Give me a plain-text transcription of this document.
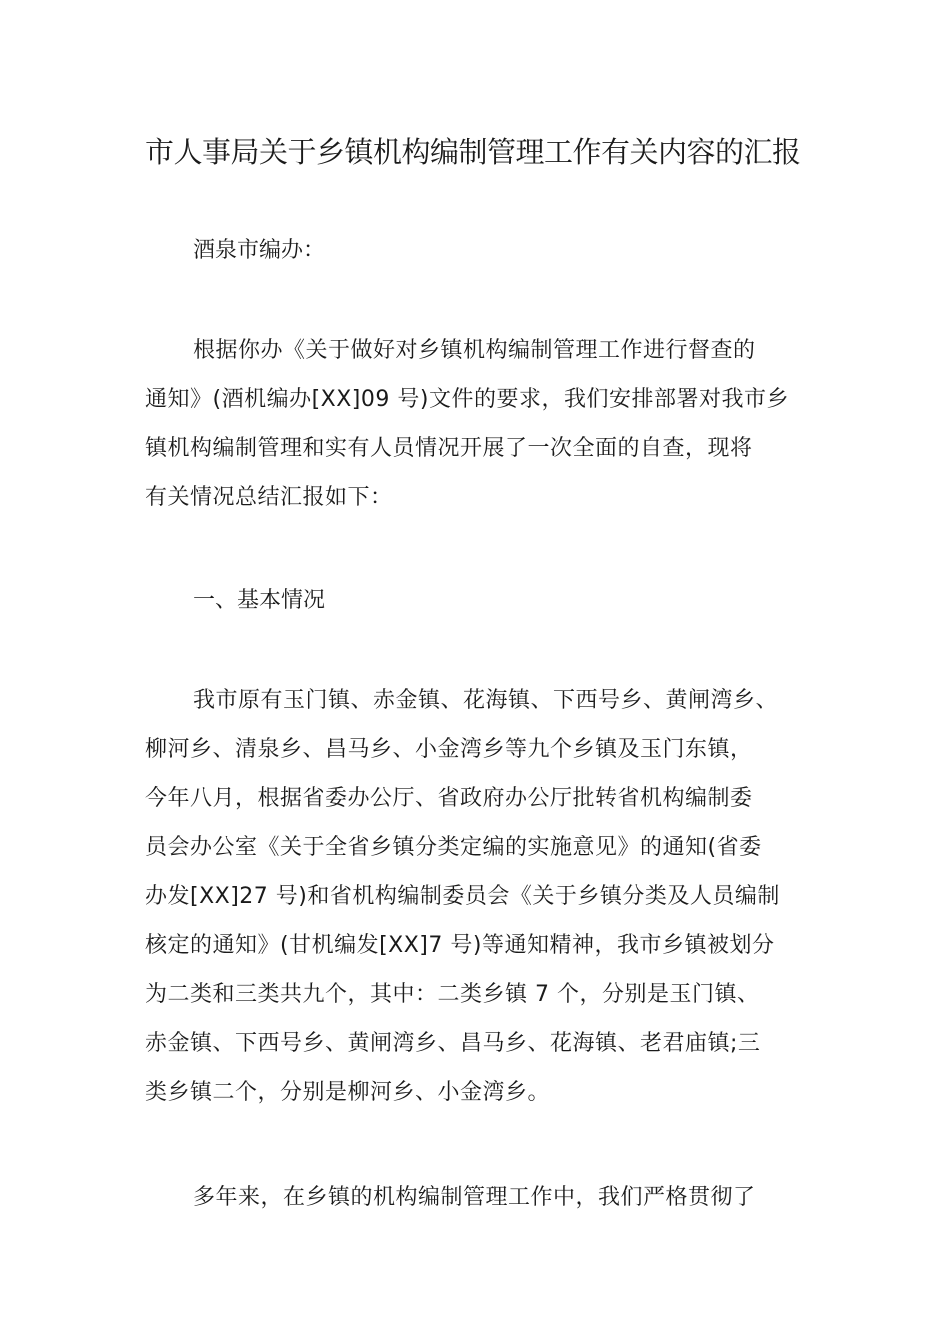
市人事局关于乡镇机构编制管理工作有关内容的汇报

酒泉市编办：

根据你办《关于做好对乡镇机构编制管理工作进行督查的
通知》(酒机编办[XX]09 号)文件的要求，我们安排部署对我市乡
镇机构编制管理和实有人员情况开展了一次全面的自查，现将
有关情况总结汇报如下：
一、基本情况
我市原有玉门镇、赤金镇、花海镇、下西号乡、黄闸湾乡、
柳河乡、清泉乡、昌马乡、小金湾乡等九个乡镇及玉门东镇，
今年八月，根据省委办公厅、省政府办公厅批转省机构编制委
员会办公室《关于全省乡镇分类定编的实施意见》的通知(省委
办发[XX]27 号)和省机构编制委员会《关于乡镇分类及人员编制
核定的通知》(甘机编发[XX]7 号)等通知精神，我市乡镇被划分
为二类和三类共九个，其中：二类乡镇 7 个，分别是玉门镇、
赤金镇、下西号乡、黄闸湾乡、昌马乡、花海镇、老君庙镇;三
类乡镇二个，分别是柳河乡、小金湾乡。
多年来，在乡镇的机构编制管理工作中，我们严格贯彻了
